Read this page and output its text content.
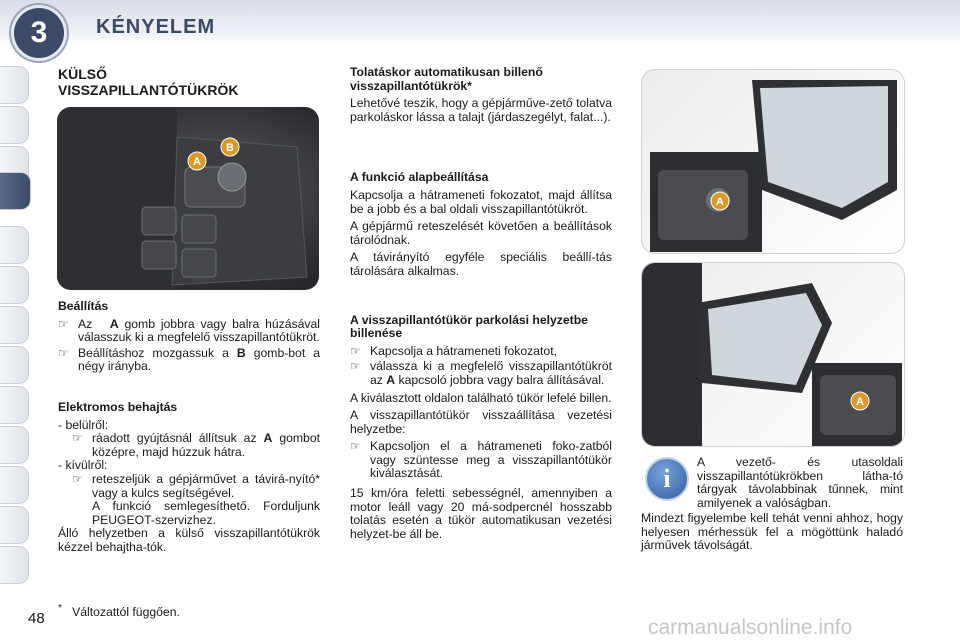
3	KÉNYELEM
KÜLSŐ
VISSZAPILLANTÓTÜKRÖK
A
B
Beállítás
☞ Az A gomb jobbra vagy balra húzásával válasszuk ki a megfelelő visszapillantótükröt.
☞ Beállításhoz mozgassuk a B gomb-bot a négy irányba.
Elektromos behajtás
- belülről:
☞ ráadott gyújtásnál állítsuk az A gombot középre, majd húzzuk hátra.
- kívülről:
☞ reteszeljük a gépjárművet a távirá-nyító* vagy a kulcs segítségével.

A funkció semlegesíthető. Forduljunk PEUGEOT-szervizhez.

Álló helyzetben a külső visszapillantótükrök kézzel behajtha-tók.

Tolatáskor automatikusan billenő visszapillantótükrök*

Lehetővé teszik, hogy a gépjárműve-zető tolatva parkoláskor lássa a talajt (járdaszegélyt, falat...).

A funkció alapbeállítása

Kapcsolja a hátrameneti fokozatot, majd állítsa be a jobb és a bal oldali visszapillantótükröt.

A gépjármű reteszelését követően a beállítások tárolódnak.

A távirányító egyféle speciális beállí-tás tárolására alkalmas.

A visszapillantótükör parkolási helyzetbe billenése
☞ Kapcsolja a hátrameneti fokozatot,
☞ válassza ki a megfelelő visszapillantótükröt az A kapcsoló jobbra vagy balra állításával.

A kiválasztott oldalon található tükör lefelé billen.

A visszapillantótükör visszaállítása vezetési helyzetbe:

☞ Kapcsoljon el a hátrameneti foko-zatból vagy szüntesse meg a visszapillantótükör kiválasztását.

15 km/óra feletti sebességnél, amennyiben a motor leáll vagy 20 má-sodpercnél hosszabb tolatás esetén a tükör automatikusan vezetési helyzet-be áll be.

A
A
i

A vezető- és utasoldali visszapillantótükrökben látha-tó tárgyak távolabbinak tűnnek, mint amilyenek a valóságban.

Mindezt figyelembe kell tehát venni ahhoz, hogy helyesen mérhessük fel a mögöttünk haladó járművek távolságát.

48
* Változattól függően.
carmanualsonline.info
